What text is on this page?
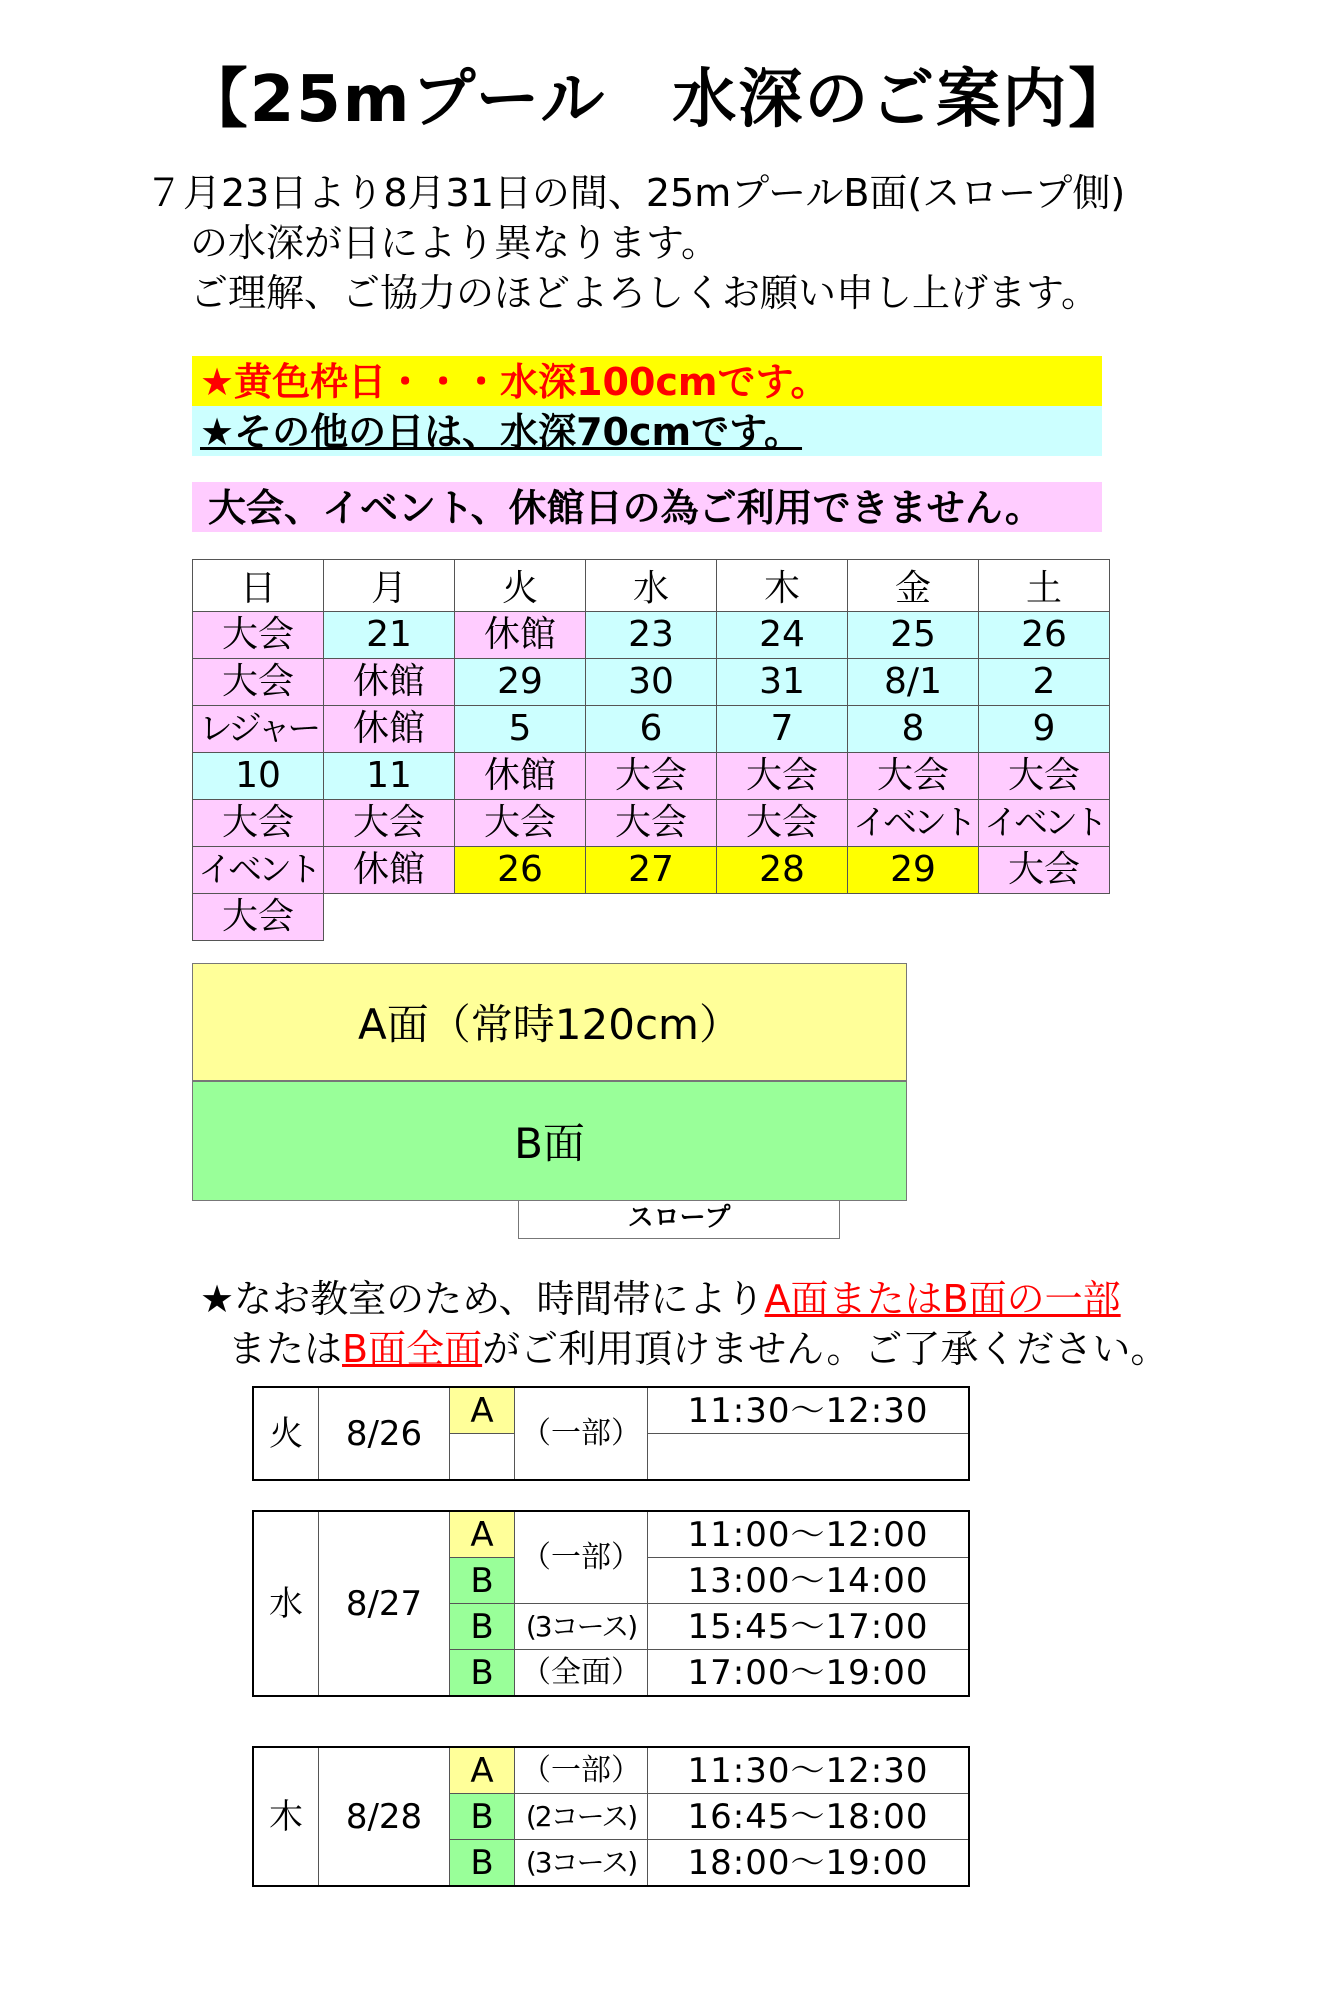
【25mプール　水深のご案内】
７月23日より8月31日の間、25mプールB面(スロープ側)
の水深が日により異なります。
ご理解、ご協力のほどよろしくお願い申し上げます。
★黄色枠日・・・水深100cmです。
★その他の日は、水深70cmです。
大会、イベント、休館日の為ご利用できません。
日	月	火	水	木	金	土
大会	21	休館	23	24	25	26
大会	休館	29	30	31	8/1	2
レジャー	休館	5	6	7	8	9
10	11	休館	大会	大会	大会	大会
大会	大会	大会	大会	大会	イベント	イベント
イベント	休館	26	27	28	29	大会
大会						
A面（常時120cm）
B面
スロープ
★なお教室のため、時間帯によりA面またはB面の一部
またはB面全面がご利用頂けません。ご了承ください。
火	8/26	A	（一部）	11:30～12:30

水	8/27	A	（一部）	11:00～12:00
		B		13:00～14:00
		B	(3コース)	15:45～17:00
		B	（全面）	17:00～19:00
木	8/28	A	（一部）	11:30～12:30
		B	(2コース)	16:45～18:00
		B	(3コース)	18:00～19:00
